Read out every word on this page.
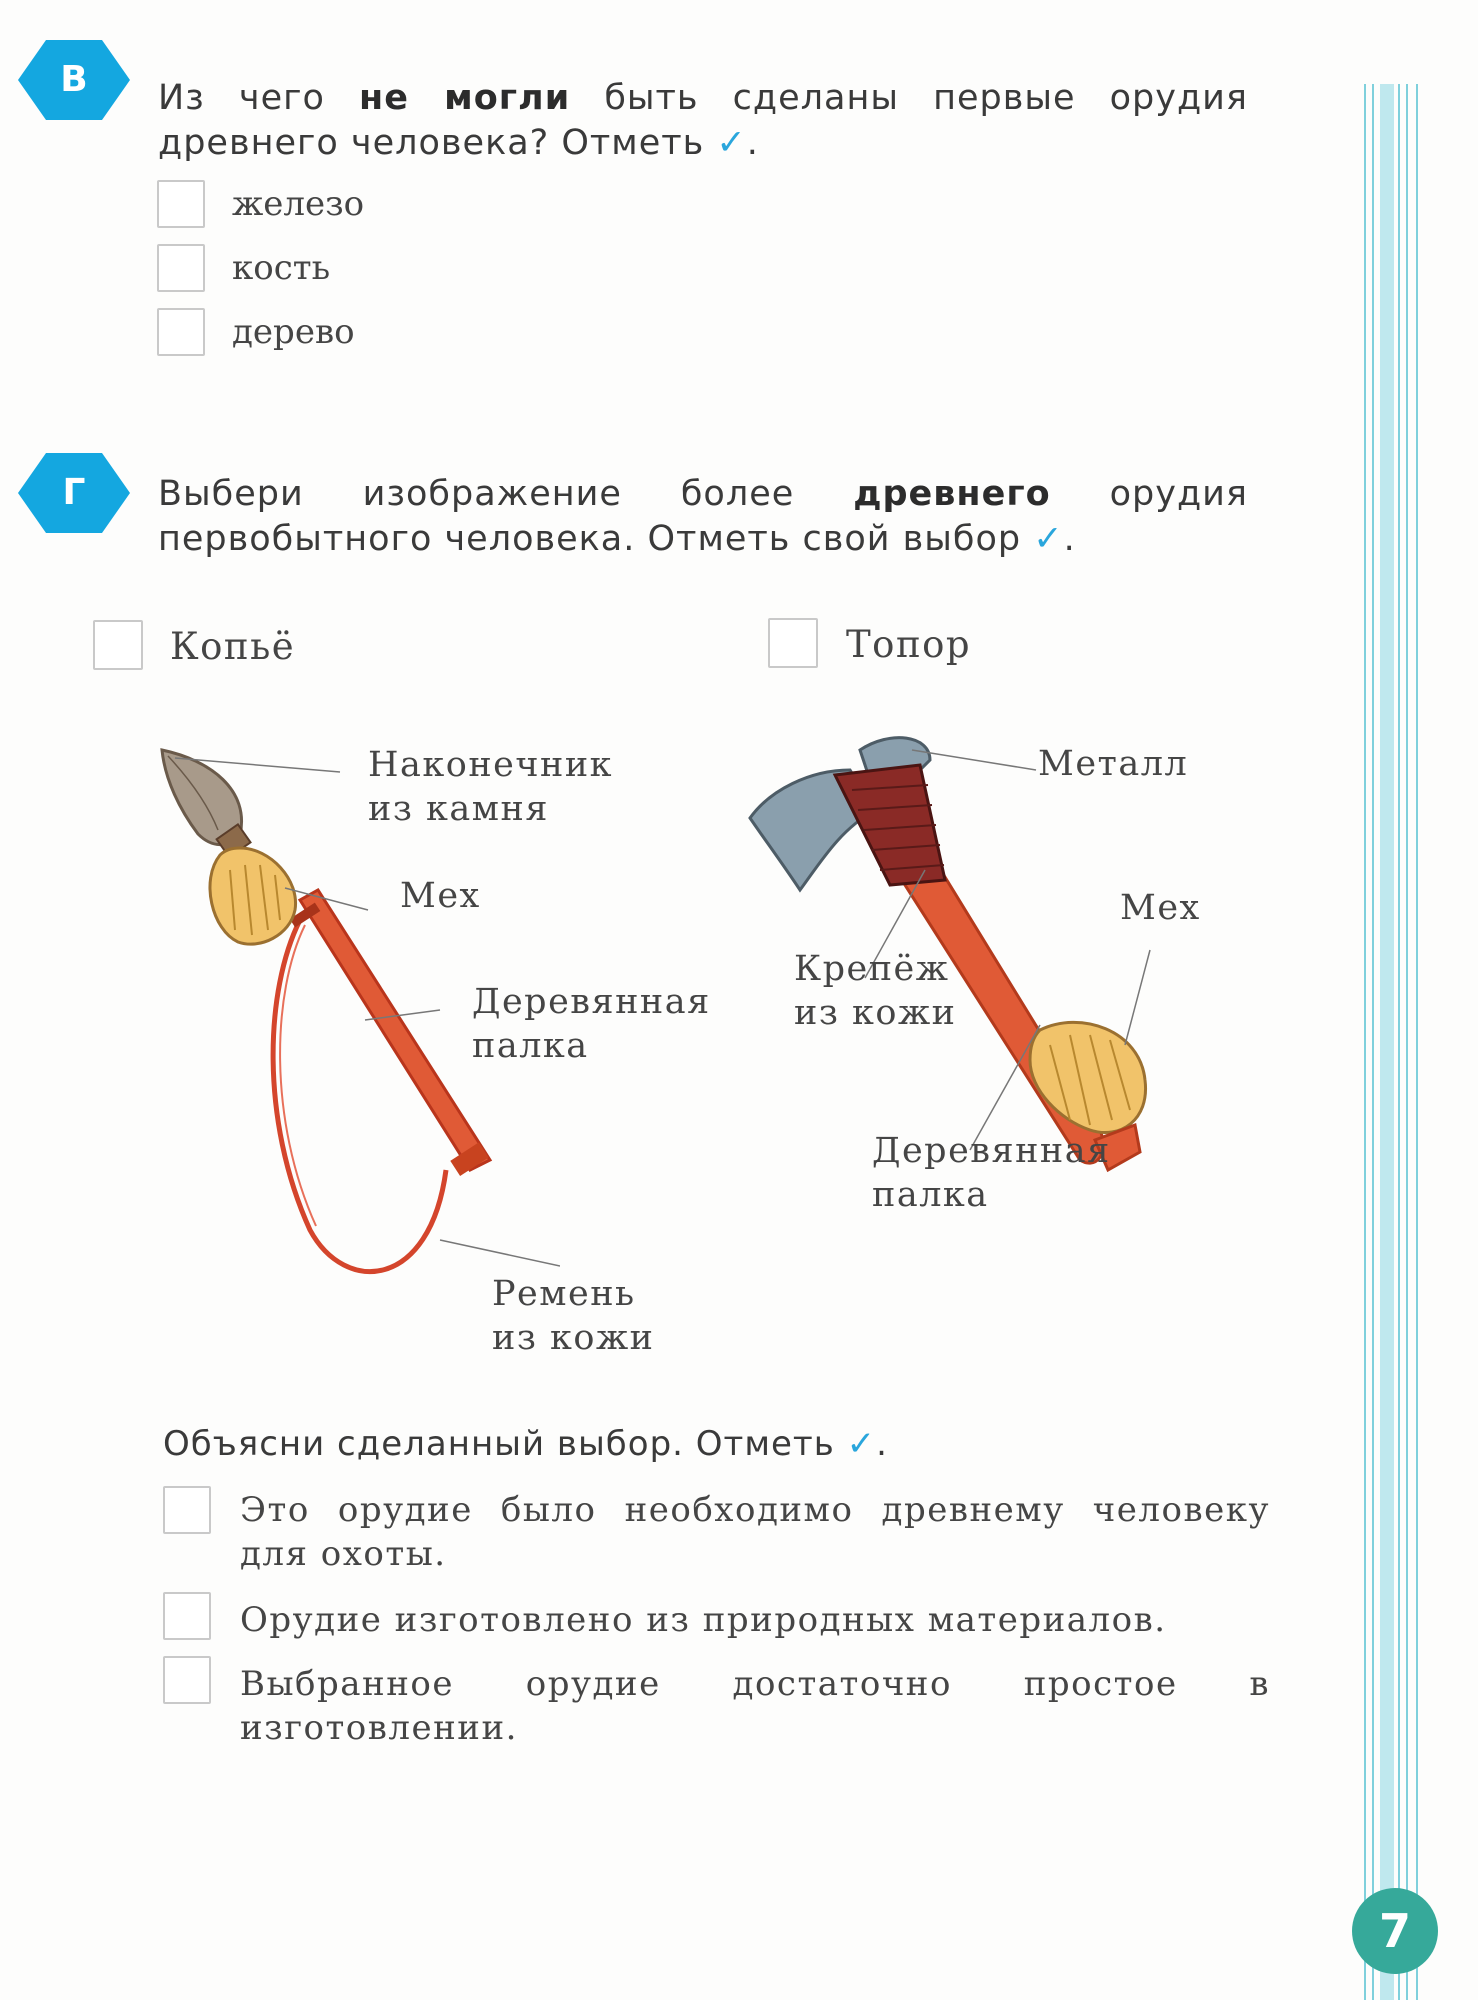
В	Из чего не могли быть сделаны первые орудия древнего человека? Отметь ✓.
железо
кость
дерево
Г	Выбери изображение более древнего орудия первобытного человека. Отметь свой выбор ✓.
Копьё	Топор
Наконечник
из камня
Мех
Деревянная
палка
Ремень
из кожи
Металл
Мех
Крепёж
из кожи
Деревянная
палка
Объясни сделанный выбор. Отметь ✓.
Это орудие было необходимо древнему человеку для охоты.
Орудие изготовлено из природных материалов.
Выбранное орудие достаточно простое в изготовлении.
7
